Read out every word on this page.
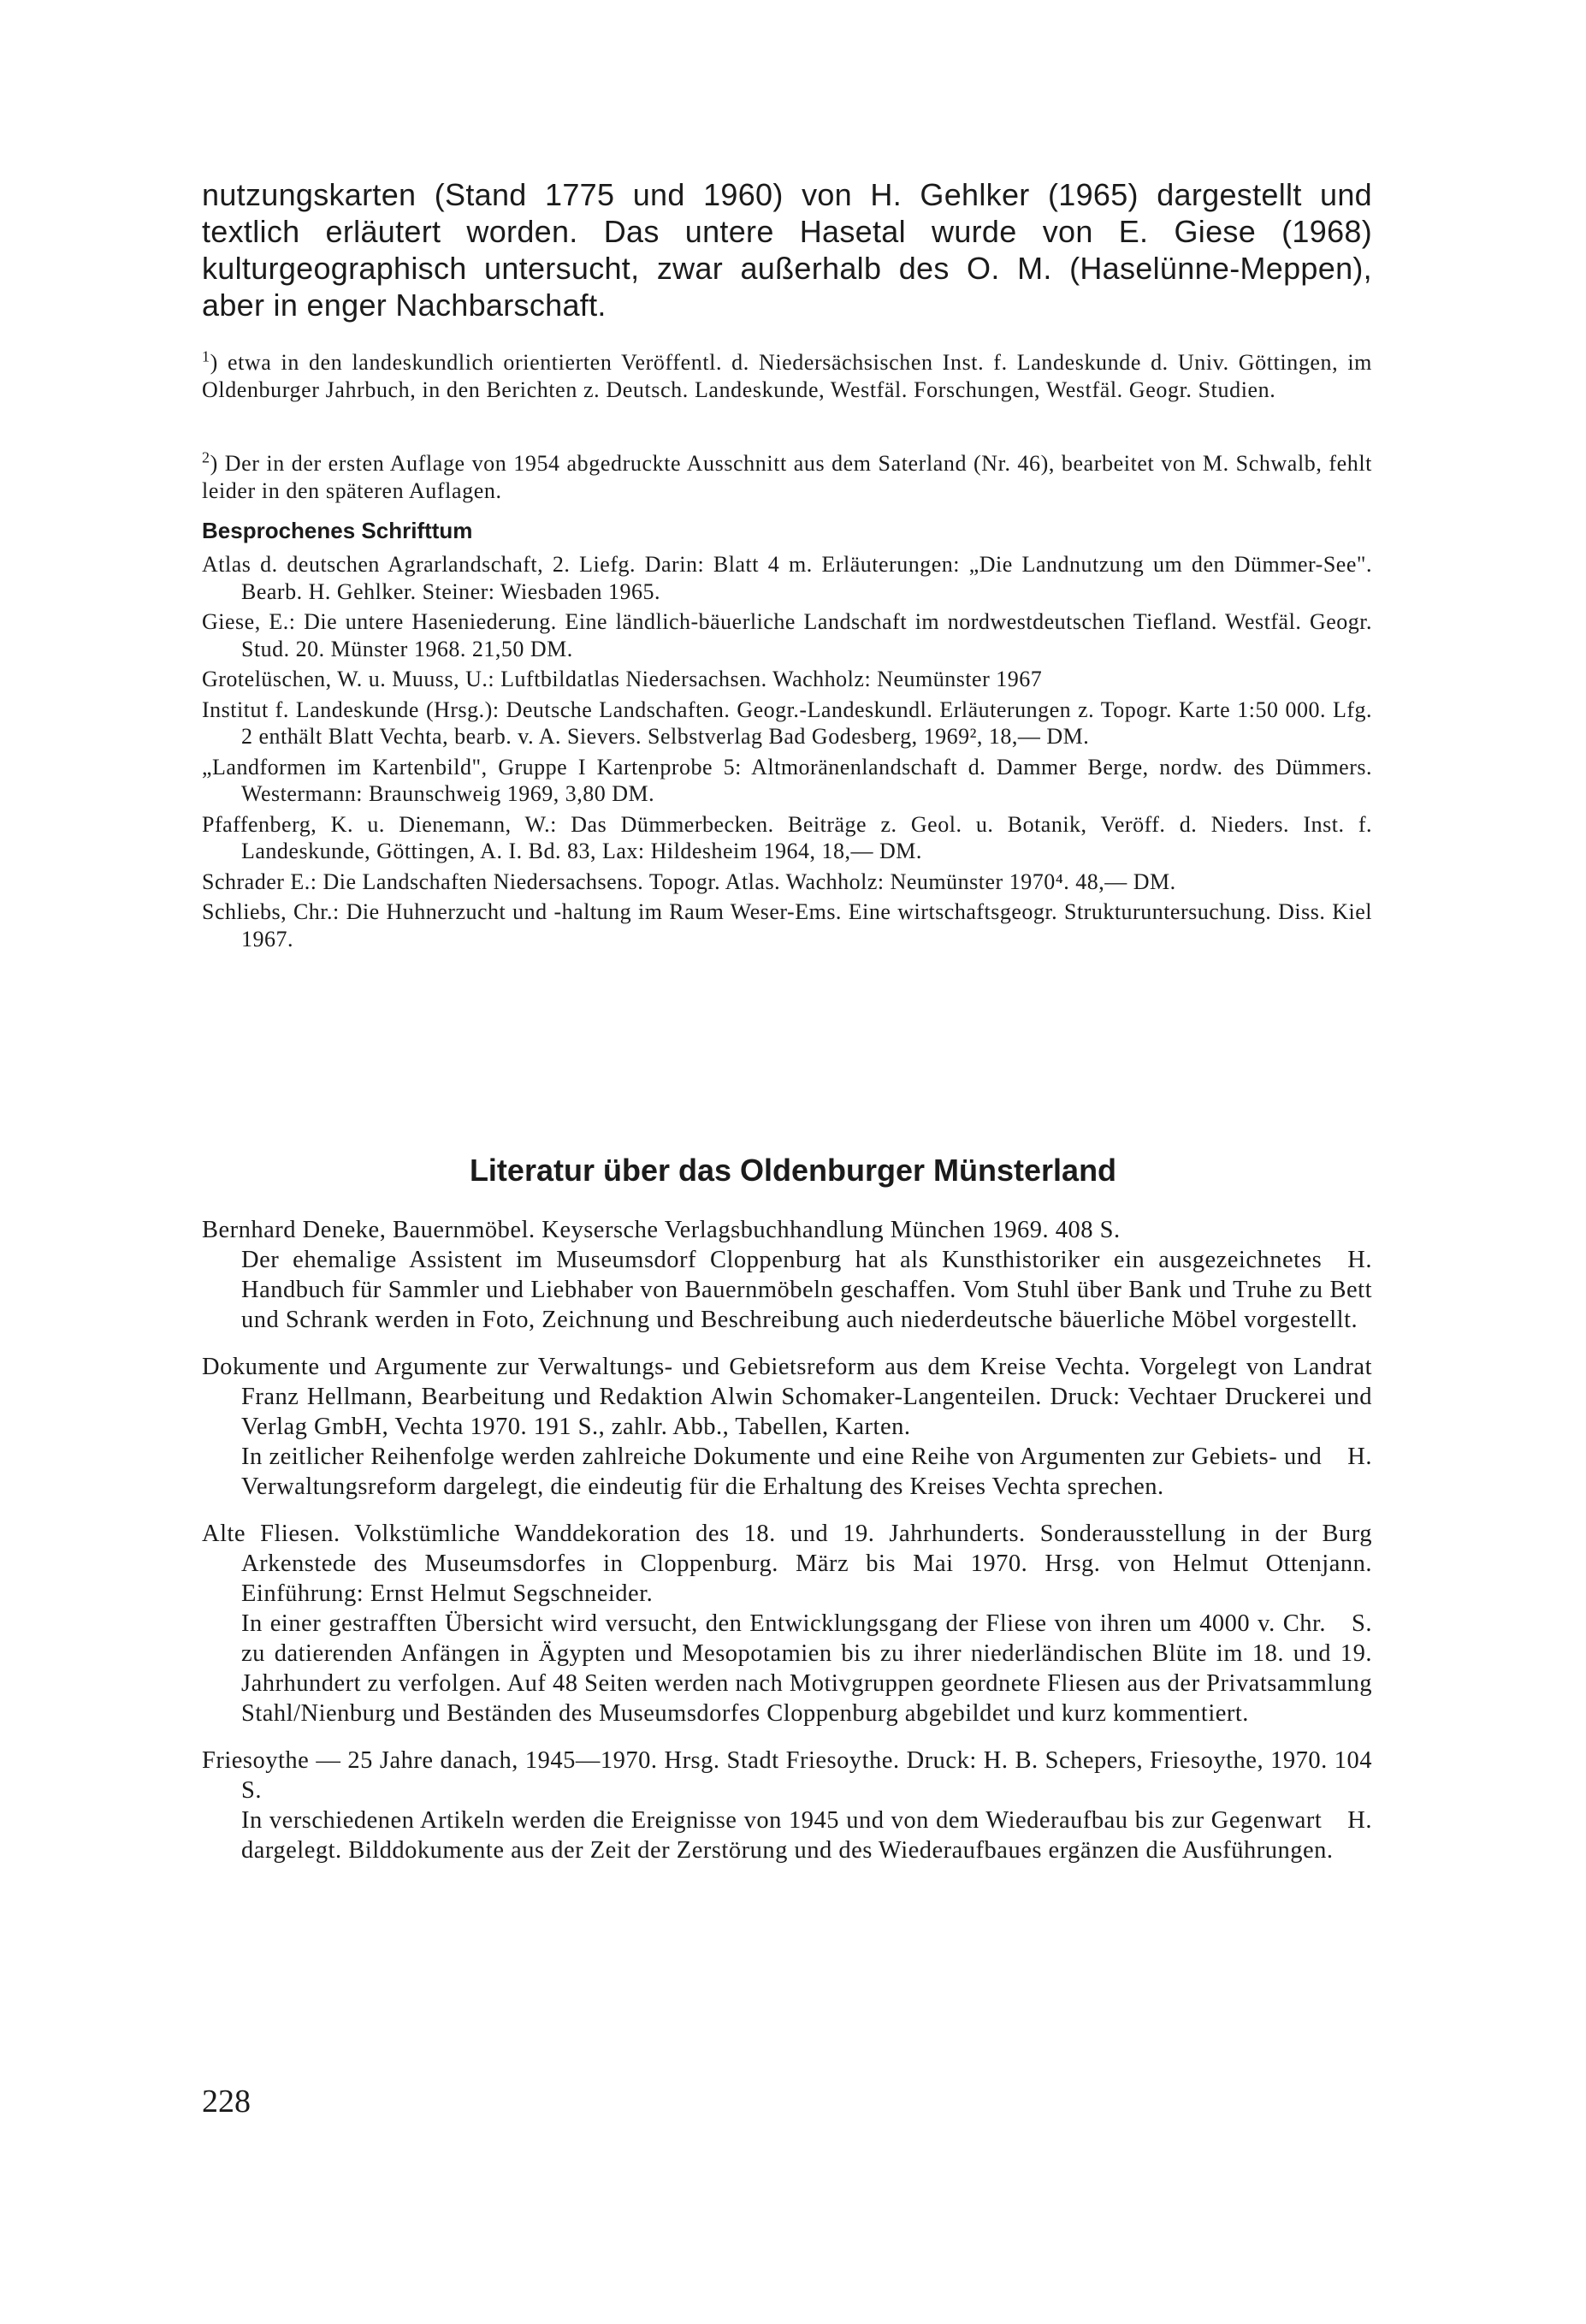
nutzungskarten (Stand 1775 und 1960) von H. Gehlker (1965) dargestellt und textlich erläutert worden. Das untere Hasetal wurde von E. Giese (1968) kulturgeographisch untersucht, zwar außerhalb des O. M. (Haselünne-Meppen), aber in enger Nachbarschaft.

$^1$) etwa in den landeskundlich orientierten Veröffentl. d. Niedersächsischen Inst. f. Landeskunde d. Univ. Göttingen, im Oldenburger Jahrbuch, in den Berichten z. Deutsch. Landeskunde, Westfäl. Forschungen, Westfäl. Geogr. Studien.

$^2$) Der in der ersten Auflage von 1954 abgedruckte Ausschnitt aus dem Saterland (Nr. 46), bearbeitet von M. Schwalb, fehlt leider in den späteren Auflagen.

Besprochenes Schrifttum
Atlas d. deutschen Agrarlandschaft, 2. Liefg. Darin: Blatt 4 m. Erläuterungen: „Die Landnutzung um den Dümmer-See". Bearb. H. Gehlker. Steiner: Wiesbaden 1965.
Giese, E.: Die untere Haseniederung. Eine ländlich-bäuerliche Landschaft im nordwestdeutschen Tiefland. Westfäl. Geogr. Stud. 20. Münster 1968. 21,50 DM.
Grotelüschen, W. u. Muuss, U.: Luftbildatlas Niedersachsen. Wachholz: Neumünster 1967
Institut f. Landeskunde (Hrsg.): Deutsche Landschaften. Geogr.-Landeskundl. Erläuterungen z. Topogr. Karte 1:50 000. Lfg. 2 enthält Blatt Vechta, bearb. v. A. Sievers. Selbstverlag Bad Godesberg, 1969², 18,— DM.
„Landformen im Kartenbild", Gruppe I Kartenprobe 5: Altmoränenlandschaft d. Dammer Berge, nordw. des Dümmers. Westermann: Braunschweig 1969, 3,80 DM.
Pfaffenberg, K. u. Dienemann, W.: Das Dümmerbecken. Beiträge z. Geol. u. Botanik, Veröff. d. Nieders. Inst. f. Landeskunde, Göttingen, A. I. Bd. 83, Lax: Hildesheim 1964, 18,— DM.
Schrader E.: Die Landschaften Niedersachsens. Topogr. Atlas. Wachholz: Neumünster 1970⁴. 48,— DM.
Schliebs, Chr.: Die Huhnerzucht und -haltung im Raum Weser-Ems. Eine wirtschaftsgeogr. Strukturuntersuchung. Diss. Kiel 1967.
Literatur über das Oldenburger Münsterland

Bernhard Deneke, Bauernmöbel. Keysersche Verlagsbuchhandlung München 1969. 408 S.

H.
Der ehemalige Assistent im Museumsdorf Cloppenburg hat als Kunsthistoriker ein ausgezeichnetes Handbuch für Sammler und Liebhaber von Bauernmöbeln geschaffen. Vom Stuhl über Bank und Truhe zu Bett und Schrank werden in Foto, Zeichnung und Beschreibung auch niederdeutsche bäuerliche Möbel vorgestellt.

Dokumente und Argumente zur Verwaltungs- und Gebietsreform aus dem Kreise Vechta. Vorgelegt von Landrat Franz Hellmann, Bearbeitung und Redaktion Alwin Schomaker-Langenteilen. Druck: Vechtaer Druckerei und Verlag GmbH, Vechta 1970. 191 S., zahlr. Abb., Tabellen, Karten.

H.
In zeitlicher Reihenfolge werden zahlreiche Dokumente und eine Reihe von Argumenten zur Gebiets- und Verwaltungsreform dargelegt, die eindeutig für die Erhaltung des Kreises Vechta sprechen.

Alte Fliesen. Volkstümliche Wanddekoration des 18. und 19. Jahrhunderts. Sonderausstellung in der Burg Arkenstede des Museumsdorfes in Cloppenburg. März bis Mai 1970. Hrsg. von Helmut Ottenjann. Einführung: Ernst Helmut Segschneider.

S.
In einer gestrafften Übersicht wird versucht, den Entwicklungsgang der Fliese von ihren um 4000 v. Chr. zu datierenden Anfängen in Ägypten und Mesopotamien bis zu ihrer niederländischen Blüte im 18. und 19. Jahrhundert zu verfolgen. Auf 48 Seiten werden nach Motivgruppen geordnete Fliesen aus der Privatsammlung Stahl/Nienburg und Beständen des Museumsdorfes Cloppenburg abgebildet und kurz kommentiert.

Friesoythe — 25 Jahre danach, 1945—1970. Hrsg. Stadt Friesoythe. Druck: H. B. Schepers, Friesoythe, 1970. 104 S.

H.
In verschiedenen Artikeln werden die Ereignisse von 1945 und von dem Wiederaufbau bis zur Gegenwart dargelegt. Bilddokumente aus der Zeit der Zerstörung und des Wiederaufbaues ergänzen die Ausführungen.

228
